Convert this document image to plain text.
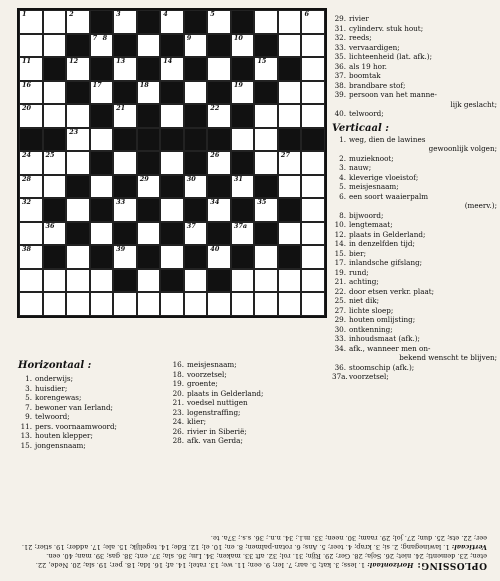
1	2	3	4	5	6
7 8	9	10
11	12	13	14	15
16	17	18	19
20	21	22
23
24 25	26	27
28	29	30	31
32	33	34	35
36	37	37a
38	39	40
29. rivier
31. cylinderv. stuk hout;
32. reeds;
33. vervaardigen;
35. lichteenheid (lat. afk.);
36. als 19 hor.
37. boomtak
38. brandbare stof;
39. persoon van het manne-
lijk geslacht;
40. telwoord;
Verticaal :
1. weg, dien de lawines
gewoonlijk volgen;
2. muzieknoot;
3. nauw;
4. kleverige vloeistof;
5. meisjesnaam;
6. een soort waaierpalm
(meerv.);
8. bijwoord;
10. lengtemaat;
12. plaats in Gelderland;
14. in denzelfden tijd;
15. bier;
17. inlandsche gifslang;
19. rund;
21. achting;
22. door etsen verkr. plaat;
25. niet dik;
27. lichte sloep;
29. houten omlijsting;
30. ontkenning;
33. inhoudsmaat (afk.);
34. afk., wanneer men on-
bekend wenscht te blijven;
36. stoomschip (afk.);
37a. voorzetsel;
Horizontaal :
1. onderwijs;
3. huisdier;
5. korengewas;
7. bewoner van Ierland;
9. telwoord;
11. pers. voornaamwoord;
13. houten klepper;
15. jongensnaam;
16. meisjesnaam;
18. voorzetsel;
19. groente;
20. plaats in Gelderland;
21. voedsel nuttigen
23. logenstraffing;
24. klier;
26. rivier in Siberië;
28. afk. van Gerda;
OPLOSSING: Horizontaal: 1. less; 3. kat; 5. aar; 7. Ier; 9. een; 11. we; 13. ratel; 14. af; 16. Ida; 18. per; 19. sla; 20. Nede, 22. eten; 23. dementi; 24. niet; 26. Seja; 28. Ger; 29. Rijn; 31. rol; 32. aft 33. maken; 34. Lm; 36. sla; 37. ent; 38. gas; 39. man; 40. een. Verticaal: 1. lawinegang; 2. si; 3. krap; 4. teer; 5. Ans; 6. rotan-palmen; 8. en; 10. el; 12. Ede; 14. tegelijk; 15. ale; 17. adder; 19. stier; 21. eer; 22. ets; 25. dun; 27. jol; 29. raam; 30. neen; 33. m.l.; 34. n.n.; 36. s.s.; 37a. te.
